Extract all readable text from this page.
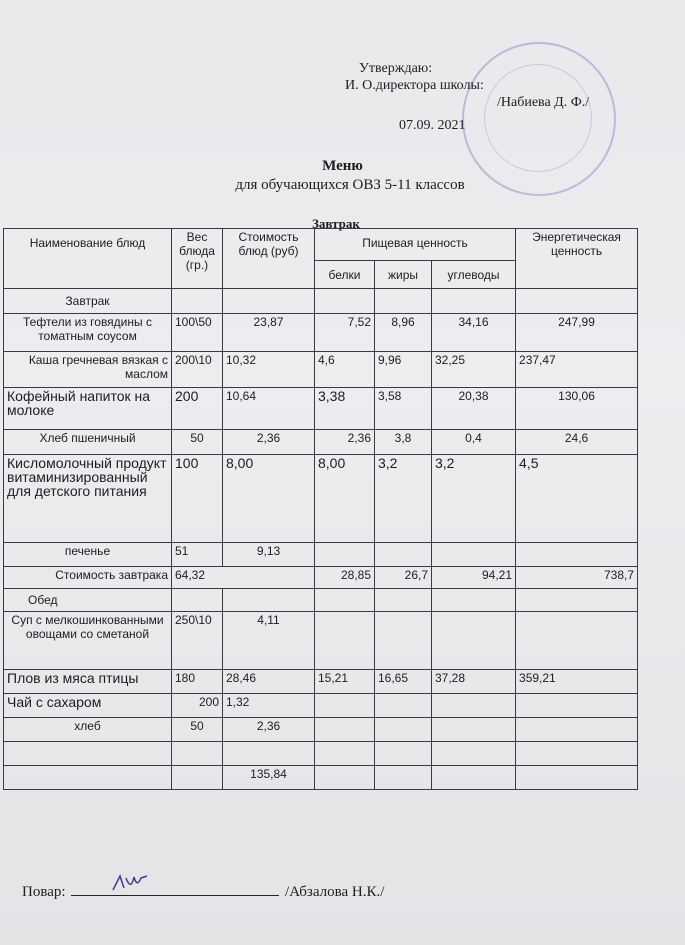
Утверждаю:
И. О.директора школы:
/Набиева Д. Ф./
07.09. 2021
Меню
для обучающихся ОВЗ 5-11 классов
Завтрак
Наименование блюд	Вес блюда (гр.)	Стоимость блюд (руб)	Пищевая ценность			Энергетическая ценность
			белки	жиры	углеводы	
Завтрак						
Тефтели из говядины с томатным соусом	100\50	23,87	7,52	8,96	34,16	247,99
Каша гречневая вязкая с маслом	200\10	10,32	4,6	9,96	32,25	237,47
Кофейный напиток на молоке	200	10,64	3,38	3,58	20,38	130,06
Хлеб пшеничный	50	2,36	2,36	3,8	0,4	24,6
Кисломолочный продукт витаминизированный для детского питания	100	8,00	8,00	3,2	3,2	4,5
печенье	51	9,13				
Стоимость завтрака	64,32		28,85	26,7	94,21	738,7
Обед						
Суп с мелкошинкованными овощами со сметаной	250\10	4,11				
Плов из мяса птицы	180	28,46	15,21	16,65	37,28	359,21
Чай с сахаром	200	1,32				
хлеб	50	2,36				

		135,84				
Повар:	/Абзалова Н.К./
